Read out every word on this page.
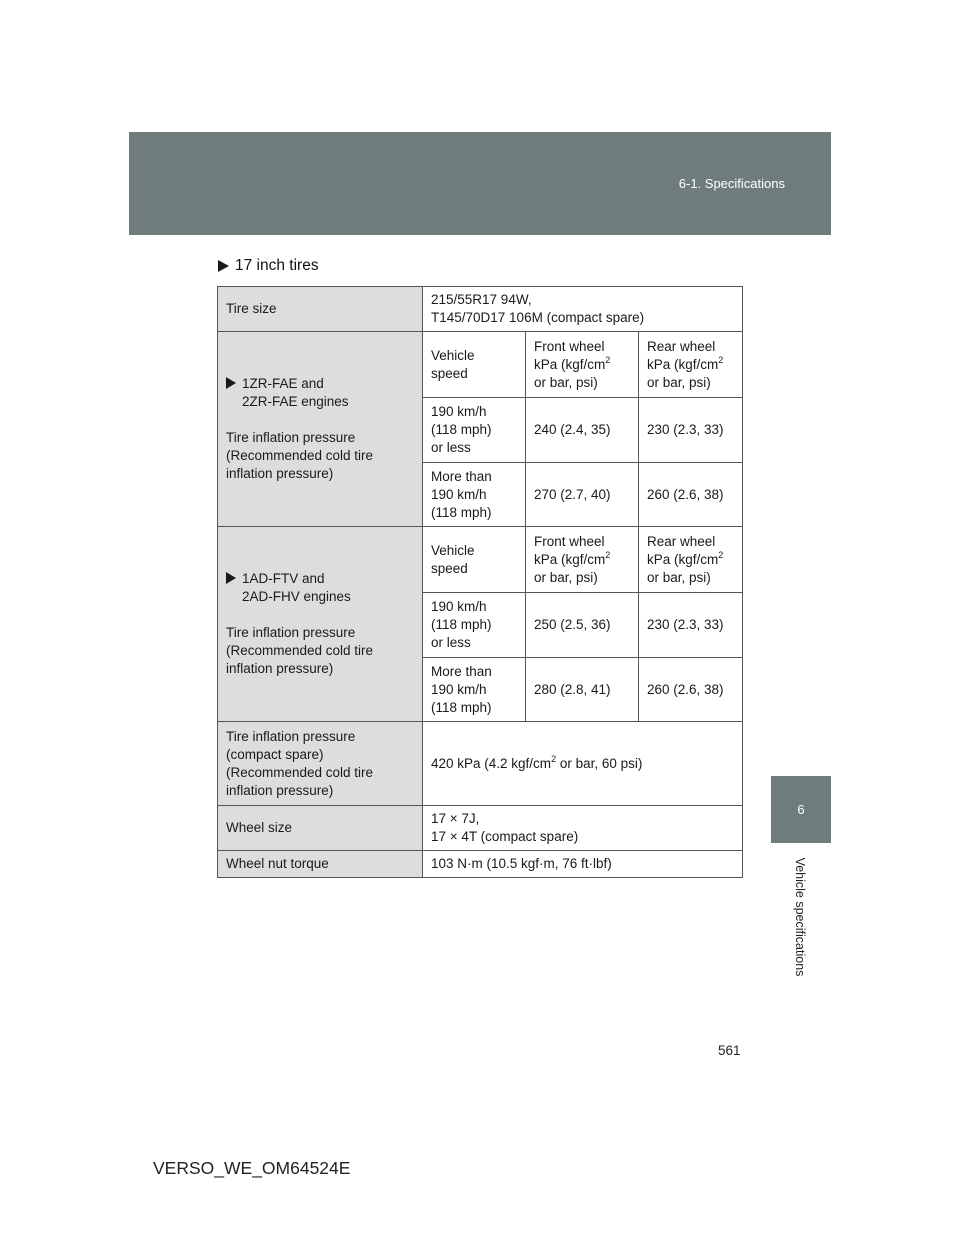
6-1. Specifications
6
Vehicle specifications
17 inch tires
Tire size	215/55R17 94W,
T145/70D17 106M (compact spare)		
1ZR-FAE and
2ZR-FAE engines

Tire inflation pressure
(Recommended cold tire
inflation pressure)	Vehicle
speed	Front wheel
kPa ($kgf/cm^2$
or bar, psi)	Rear wheel
kPa ($kgf/cm^2$
or bar, psi)
	190 km/h
(118 mph)
or less	240 (2.4, 35)	230 (2.3, 33)
	More than
190 km/h
(118 mph)	270 (2.7, 40)	260 (2.6, 38)
1AD-FTV and
2AD-FHV engines

Tire inflation pressure
(Recommended cold tire
inflation pressure)	Vehicle
speed	Front wheel
kPa ($kgf/cm^2$
or bar, psi)	Rear wheel
kPa ($kgf/cm^2$
or bar, psi)
	190 km/h
(118 mph)
or less	250 (2.5, 36)	230 (2.3, 33)
	More than
190 km/h
(118 mph)	280 (2.8, 41)	260 (2.6, 38)
Tire inflation pressure
(compact spare)
(Recommended cold tire
inflation pressure)	420 kPa (4.2 kgf/$cm^2$ or bar, 60 psi)		
Wheel size	17 × 7J,
17 × 4T (compact spare)		
Wheel nut torque	103 N·m (10.5 kgf·m, 76 ft·lbf)		
561
VERSO_WE_OM64524E
